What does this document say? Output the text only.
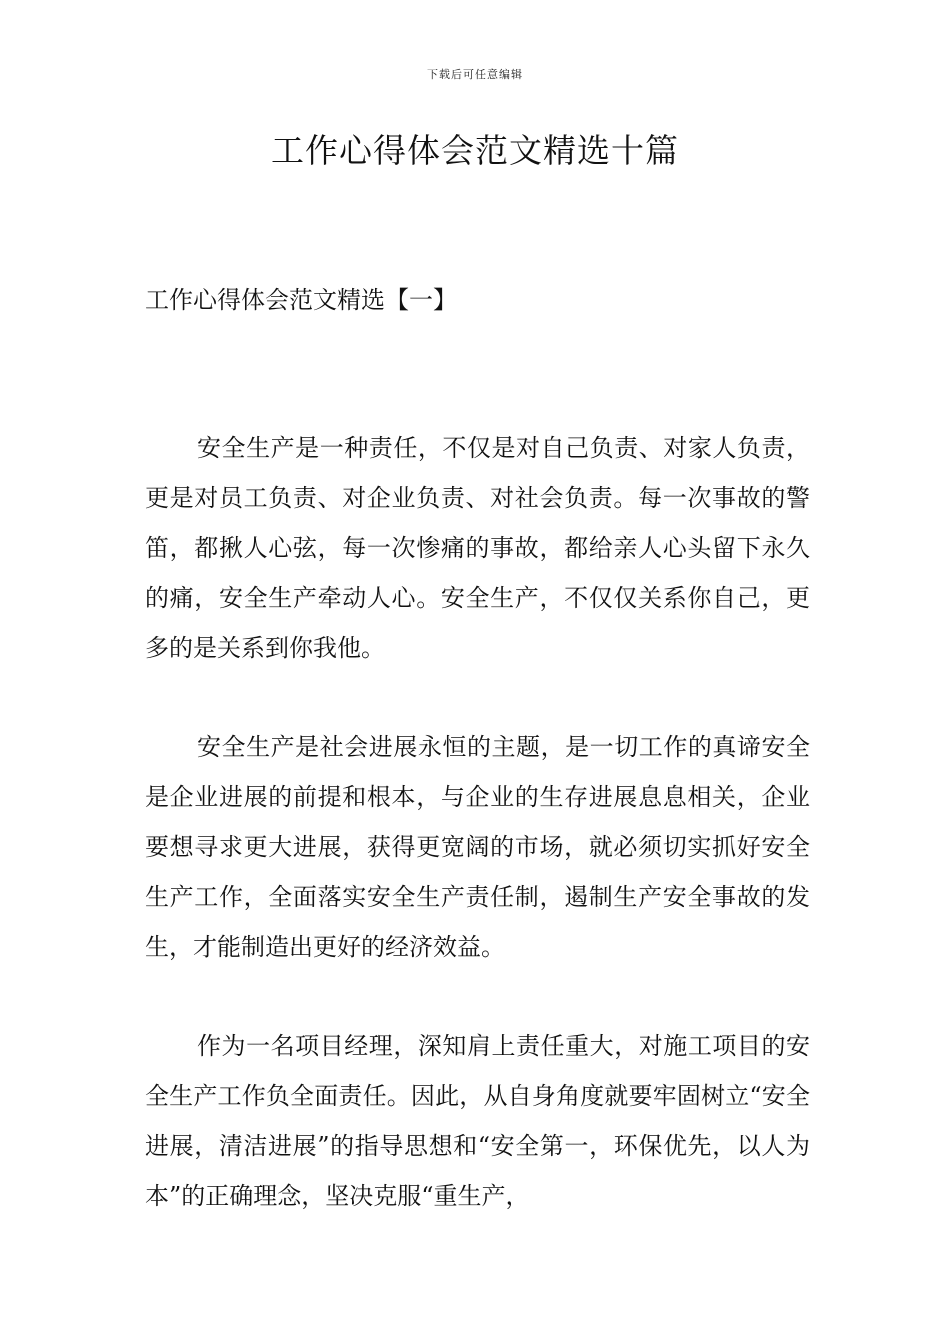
下载后可任意编辑
工作心得体会范文精选十篇
工作心得体会范文精选【一】

安全生产是一种责任，不仅是对自己负责、对家人负责，更是对员工负责、对企业负责、对社会负责。每一次事故的警笛，都揪人心弦，每一次惨痛的事故，都给亲人心头留下永久的痛，安全生产牵动人心。安全生产，不仅仅关系你自己，更多的是关系到你我他。

安全生产是社会进展永恒的主题，是一切工作的真谛安全是企业进展的前提和根本，与企业的生存进展息息相关，企业要想寻求更大进展，获得更宽阔的市场，就必须切实抓好安全生产工作，全面落实安全生产责任制，遏制生产安全事故的发生，才能制造出更好的经济效益。

作为一名项目经理，深知肩上责任重大，对施工项目的安全生产工作负全面责任。因此，从自身角度就要牢固树立“安全进展，清洁进展”的指导思想和“安全第一，环保优先，以人为本”的正确理念，坚决克服“重生产，
